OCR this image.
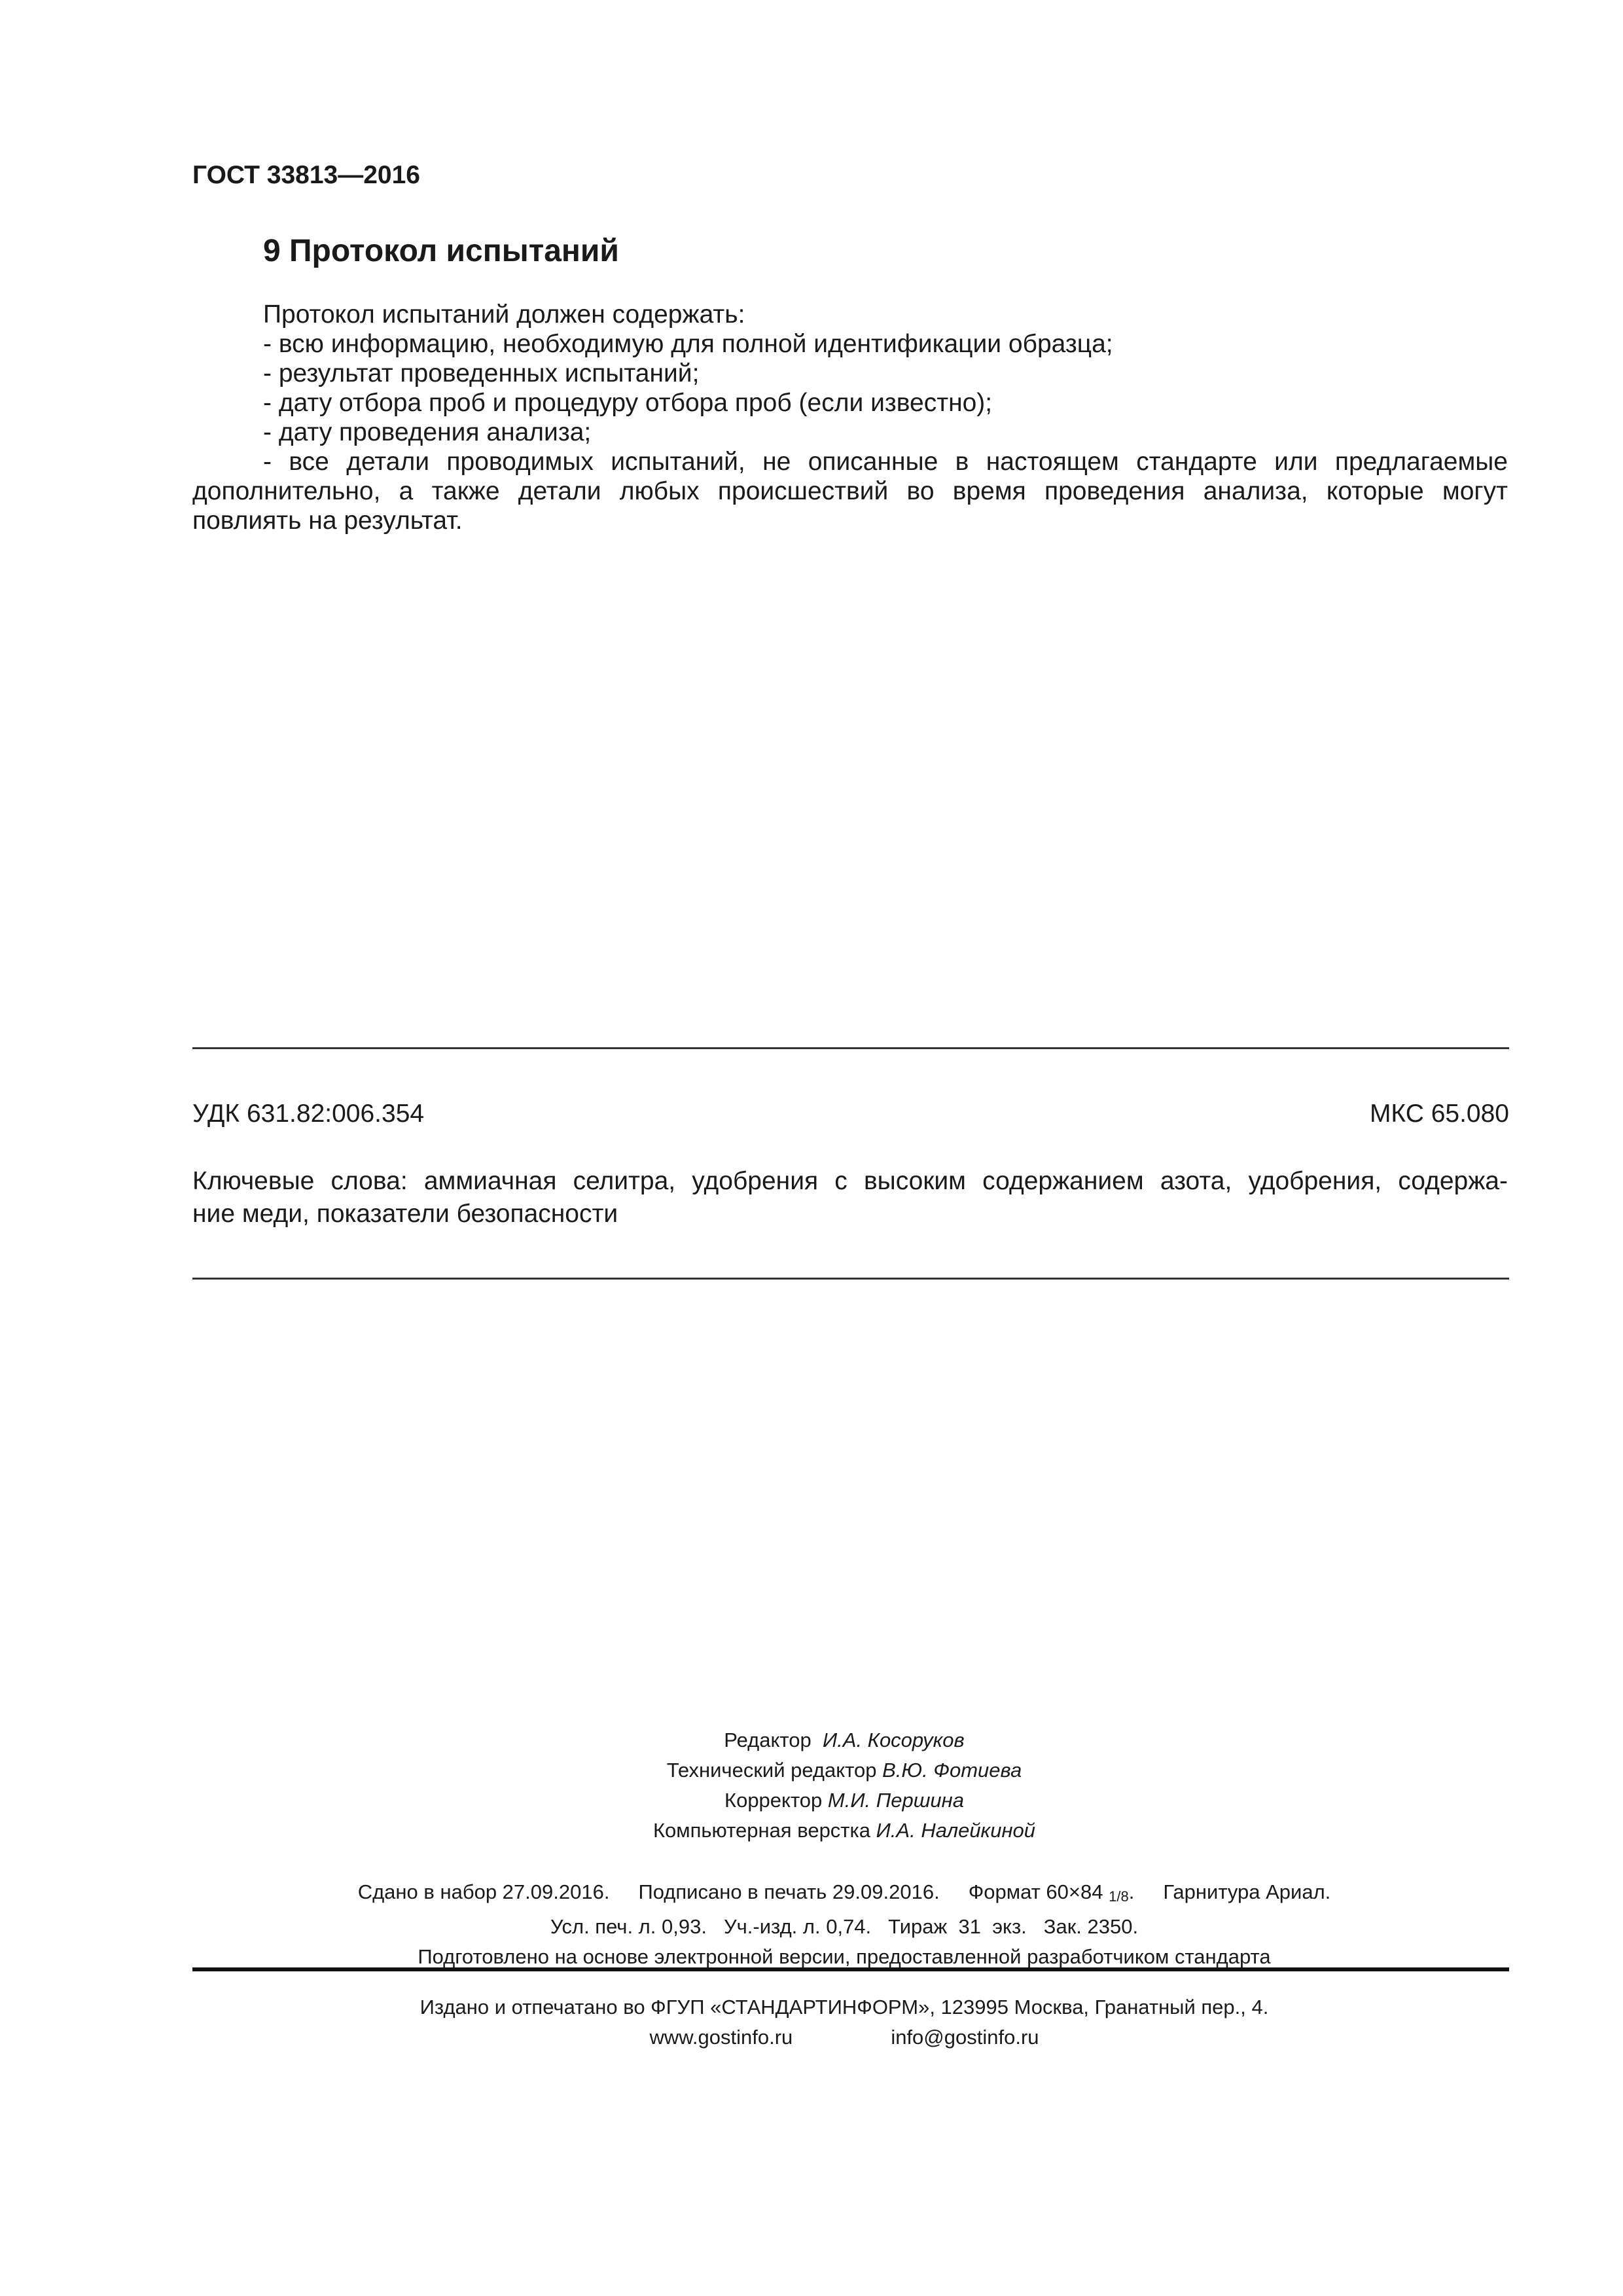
ГОСТ 33813—2016
9 Протокол испытаний
Протокол испытаний должен содержать:
- всю информацию, необходимую для полной идентификации образца;
- результат проведенных испытаний;
- дату отбора проб и процедуру отбора проб (если известно);
- дату проведения анализа;
- все детали проводимых испытаний, не описанные в настоящем стандарте или предлагаемые
дополнительно, а также детали любых происшествий во время проведения анализа, которые могут
повлиять на результат.
УДК 631.82:006.354	МКС 65.080
Ключевые слова: аммиачная селитра, удобрения с высоким содержанием азота, удобрения, содержа-
ние меди, показатели безопасности
Редактор И.А. Косоруков
Технический редактор В.Ю. Фотиева
Корректор М.И. Першина
Компьютерная верстка И.А. Налейкиной
Сдано в набор 27.09.2016. Подписано в печать 29.09.2016. Формат 60×84 1/8. Гарнитура Ариал.
Усл. печ. л. 0,93. Уч.-изд. л. 0,74. Тираж  31  экз. Зак. 2350.
Подготовлено на основе электронной версии, предоставленной разработчиком стандарта
Издано и отпечатано во ФГУП «СТАНДАРТИНФОРМ», 123995 Москва, Гранатный пер., 4.
www.gostinfo.ru	info@gostinfo.ru
